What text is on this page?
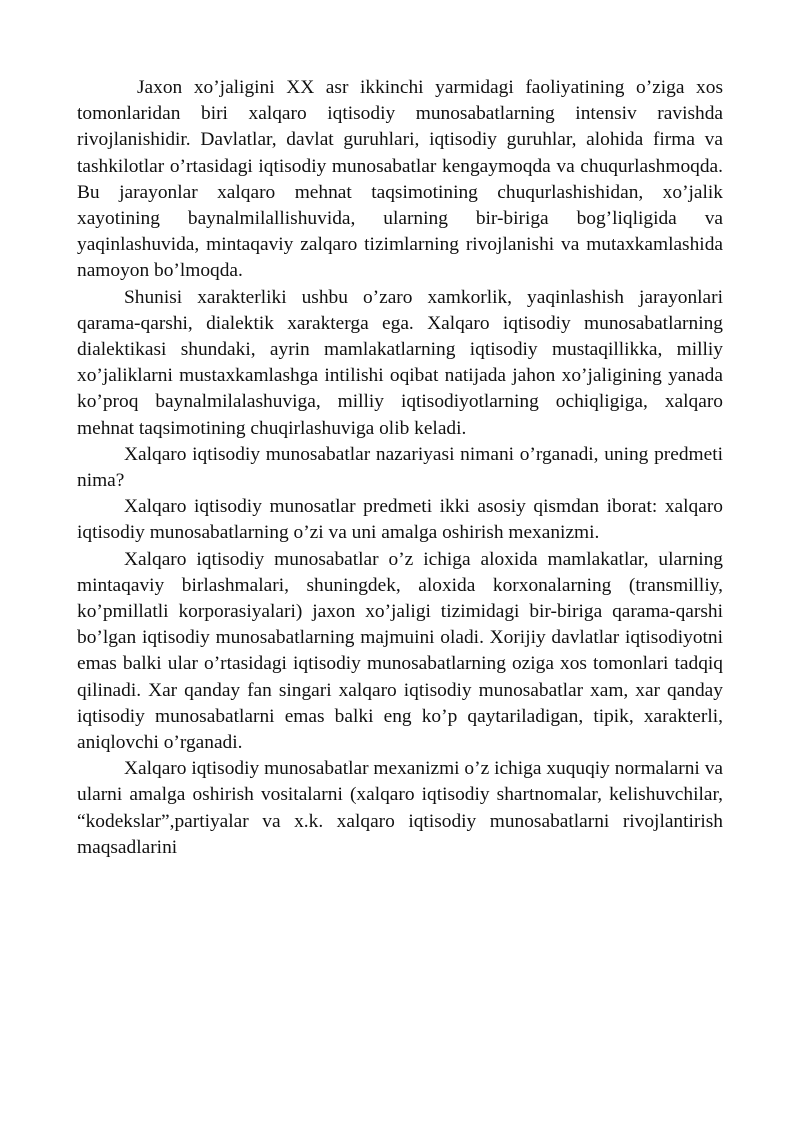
Jaxon xo’jaligini XX asr ikkinchi yarmidagi faoliyatining o’ziga xos tomonlaridan biri xalqaro iqtisodiy munosabatlarning intensiv ravishda rivojlanishidir. Davlatlar, davlat guruhlari, iqtisodiy guruhlar, alohida firma va tashkilotlar o’rtasidagi iqtisodiy munosabatlar kengaymoqda va chuqurlashmoqda. Bu jarayonlar xalqaro mehnat taqsimotining chuqurlashishidan, xo’jalik xayotining baynalmilallishuvida, ularning bir-biriga bog’liqligida va yaqinlashuvida, mintaqaviy zalqaro tizimlarning rivojlanishi va mutaxkamlashida namoyon bo’lmoqda.

Shunisi xarakterliki ushbu o’zaro xamkorlik, yaqinlashish jarayonlari qarama-qarshi, dialektik xarakterga ega. Xalqaro iqtisodiy munosabatlarning dialektikasi shundaki, ayrin mamlakatlarning iqtisodiy mustaqillikka, milliy xo’jaliklarni mustaxkamlashga intilishi oqibat natijada jahon xo’jaligining yanada ko’proq baynalmilalashuviga, milliy iqtisodiyotlarning ochiqligiga, xalqaro mehnat taqsimotining chuqirlashuviga olib keladi.

Xalqaro iqtisodiy munosabatlar nazariyasi nimani o’rganadi, uning predmeti nima?

Xalqaro iqtisodiy munosatlar predmeti ikki asosiy qismdan iborat: xalqaro iqtisodiy munosabatlarning o’zi va uni amalga oshirish mexanizmi.

Xalqaro iqtisodiy munosabatlar o’z ichiga aloxida mamlakatlar, ularning mintaqaviy birlashmalari, shuningdek, aloxida korxonalarning (transmilliy, ko’pmillatli korporasiyalari) jaxon xo’jaligi tizimidagi bir-biriga qarama-qarshi bo’lgan iqtisodiy munosabatlarning majmuini oladi. Xorijiy davlatlar iqtisodiyotni emas balki ular o’rtasidagi iqtisodiy munosabatlarning oziga xos tomonlari tadqiq qilinadi. Xar qanday fan singari xalqaro iqtisodiy munosabatlar xam, xar qanday iqtisodiy munosabatlarni emas balki eng ko’p qaytariladigan, tipik, xarakterli, aniqlovchi o’rganadi.

Xalqaro iqtisodiy munosabatlar mexanizmi o’z ichiga xuquqiy normalarni va ularni amalga oshirish vositalarni (xalqaro iqtisodiy shartnomalar, kelishuvchilar, “kodekslar”,partiyalar va x.k. xalqaro iqtisodiy munosabatlarni rivojlantirish maqsadlarini
